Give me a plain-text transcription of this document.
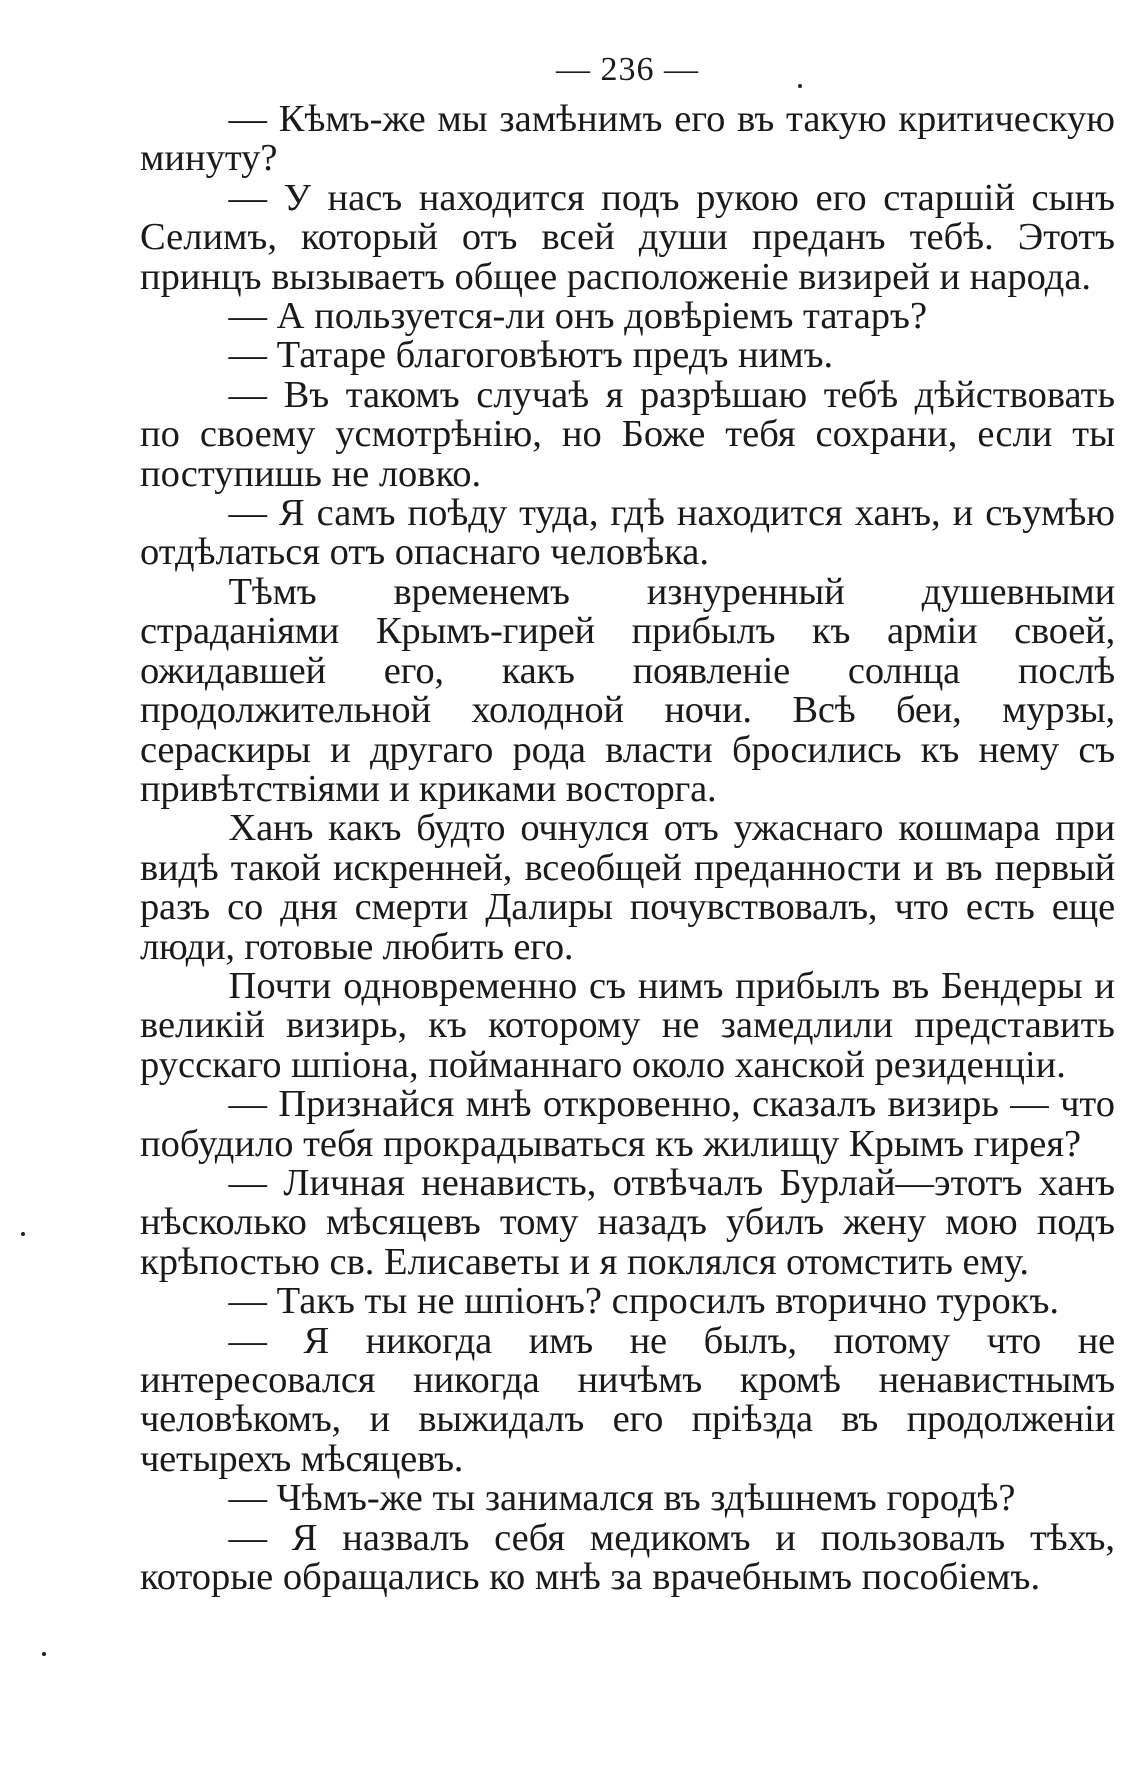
— 236 —

— Кѣмъ-же мы замѣнимъ его въ такую критическую минуту?

— У насъ находится подъ рукою его старшій сынъ Селимъ, который отъ всей души преданъ тебѣ. Этотъ принцъ вызываетъ общее расположеніе визирей и народа.

— А пользуется-ли онъ довѣріемъ татаръ?

— Татаре благоговѣютъ предъ нимъ.

— Въ такомъ случаѣ я разрѣшаю тебѣ дѣйствовать по своему усмотрѣнію, но Боже тебя сохрани, если ты поступишь не ловко.

— Я самъ поѣду туда, гдѣ находится ханъ, и съумѣю отдѣлаться отъ опаснаго человѣка.

Тѣмъ временемъ изнуренный душевными страданіями Крымъ-гирей прибылъ къ арміи своей, ожидавшей его, какъ появленіе солнца послѣ продолжительной холодной ночи. Всѣ беи, мурзы, сераскиры и другаго рода власти бросились къ нему съ привѣтствіями и криками восторга.

Ханъ какъ будто очнулся отъ ужаснаго кошмара при видѣ такой искренней, всеобщей преданности и въ первый разъ со дня смерти Далиры почувствовалъ, что есть еще люди, готовые любить его.

Почти одновременно съ нимъ прибылъ въ Бендеры и великій визирь, къ которому не замедлили представить русскаго шпіона, пойманнаго около ханской резиденціи.

— Признайся мнѣ откровенно, сказалъ визирь — что побудило тебя прокрадываться къ жилищу Крымъ гирея?

— Личная ненависть, отвѣчалъ Бурлай—этотъ ханъ нѣсколько мѣсяцевъ тому назадъ убилъ жену мою подъ крѣпостью св. Елисаветы и я поклялся отомстить ему.

— Такъ ты не шпіонъ? спросилъ вторично турокъ.

— Я никогда имъ не былъ, потому что не интересовался никогда ничѣмъ кромѣ ненавистнымъ человѣкомъ, и выжидалъ его пріѣзда въ продолженіи четырехъ мѣсяцевъ.

— Чѣмъ-же ты занимался въ здѣшнемъ городѣ?

— Я назвалъ себя медикомъ и пользовалъ тѣхъ, которые обращались ко мнѣ за врачебнымъ пособіемъ.
